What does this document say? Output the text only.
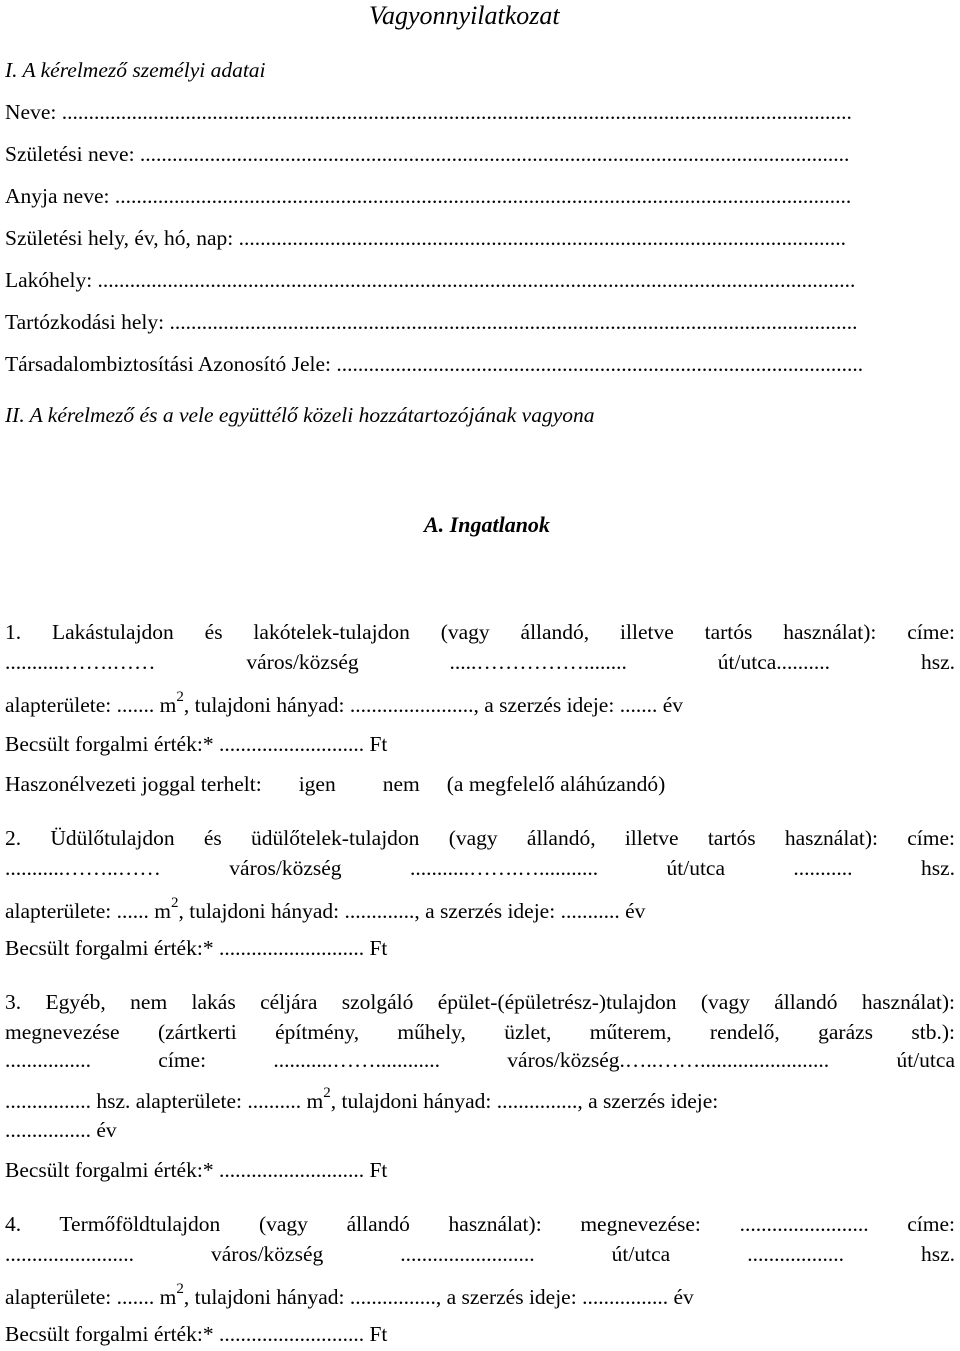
Vagyonnyilatkozat
I. A kérelmező személyi adatai
Neve: ...................................................................................................................................................
Születési neve: ....................................................................................................................................
Anyja neve: .........................................................................................................................................
Születési hely, év, hó, nap: .................................................................................................................
Lakóhely: .............................................................................................................................................
Tartózkodási hely: ................................................................................................................................
Társadalombiztosítási Azonosító Jele: ..................................................................................................
II. A kérelmező és a vele együttélő közeli hozzátartozójának vagyona
A. Ingatlanok
1. Lakástulajdon és lakótelek-tulajdon (vagy állandó, illetve tartós használat): címe:
...........…….…… város/község .....……………........ út/utca.......... hsz.
alapterülete: ....... $m^2$, tulajdoni hányad: ......................., a szerzés ideje: ....... év
Becsült forgalmi érték:* ........................... Ft
Haszonélvezeti joggal terhelt: igen nem (a megfelelő aláhúzandó)
2. Üdülőtulajdon és üdülőtelek-tulajdon (vagy állandó, illetve tartós használat): címe:
...........……..…… város/község ...........…….…........... út/utca ........... hsz.
alapterülete: ...... $m^2$, tulajdoni hányad: ............., a szerzés ideje: ........... év
Becsült forgalmi érték:* ........................... Ft
3. Egyéb, nem lakás céljára szolgáló épület-(épületrész-)tulajdon (vagy állandó használat):
megnevezése (zártkerti építmény, műhely, üzlet, műterem, rendelő, garázs stb.):
................ címe: ...........……............ város/község.…..……........................ út/utca
................ hsz. alapterülete: .......... $m^2$, tulajdoni hányad: ..............., a szerzés ideje:
................ év
Becsült forgalmi érték:* ........................... Ft
4. Termőföldtulajdon (vagy állandó használat): megnevezése: ........................ címe:
........................ város/község ......................... út/utca .................. hsz.
alapterülete: ....... $m^2$, tulajdoni hányad: ................, a szerzés ideje: ................ év
Becsült forgalmi érték:* ........................... Ft
